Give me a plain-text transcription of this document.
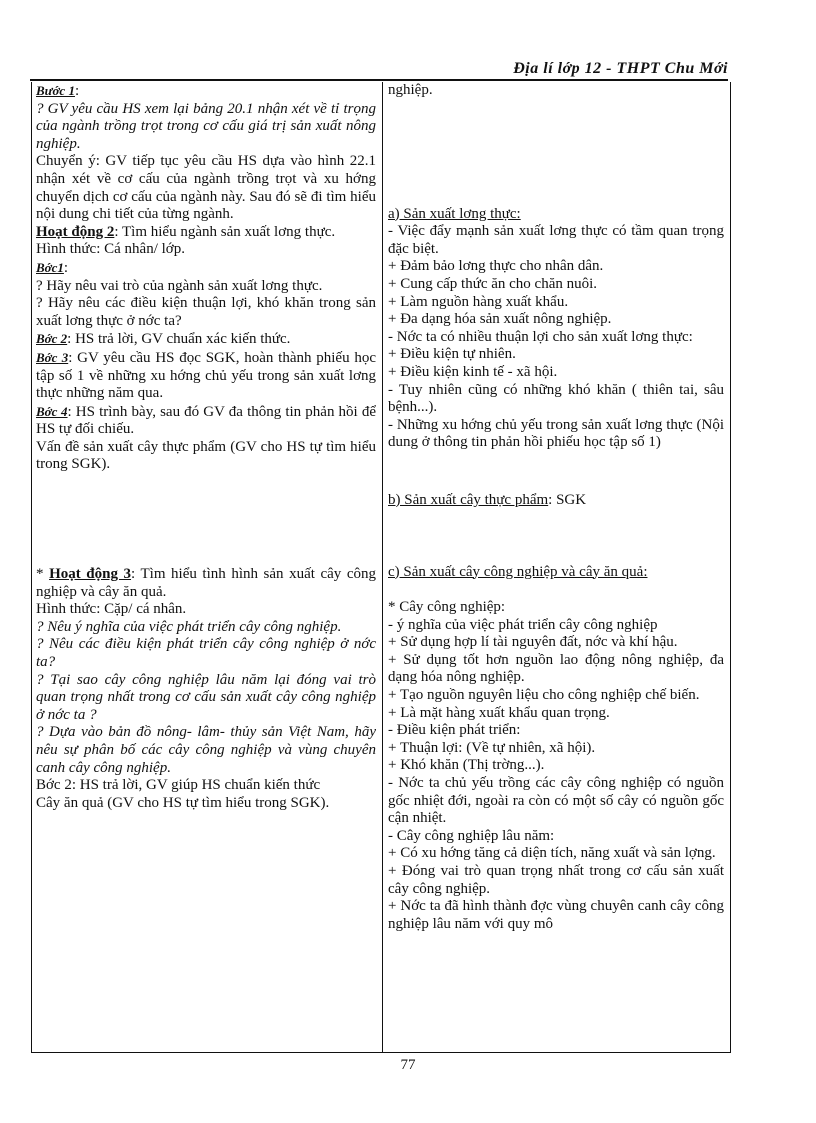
Địa lí lớp 12 - THPT Chu Mới

Bước 1:

? GV yêu cầu HS xem lại bảng 20.1 nhận xét về tỉ trọng của ngành trồng trọt trong cơ cấu giá trị sản xuất nông nghiệp.

Chuyển ý: GV tiếp tục yêu cầu HS dựa vào hình 22.1 nhận xét về cơ cấu của ngành trồng trọt và xu hớng chuyển dịch cơ cấu của ngành này. Sau đó sẽ đi tìm hiểu nội dung chi tiết của từng ngành.

Hoạt động 2: Tìm hiểu ngành sản xuất lơng thực.

Hình thức: Cá nhân/ lớp.

Bớc1:

? Hãy nêu vai trò của ngành sản xuất lơng thực.

? Hãy nêu các điều kiện thuận lợi, khó khăn trong sản xuất lơng thực ở nớc ta?

Bớc 2: HS trả lời, GV chuẩn xác kiến thức.

Bớc 3: GV yêu cầu HS đọc SGK, hoàn thành phiếu học tập số 1 về những xu hớng chủ yếu trong sản xuất lơng thực những năm qua.

Bớc 4: HS trình bày, sau đó GV đa thông tin phản hồi để HS tự đối chiếu.

Vấn đề sản xuất cây thực phẩm (GV cho HS tự tìm hiểu trong SGK).

* Hoạt động 3: Tìm hiểu tình hình sản xuất cây công nghiệp và cây ăn quả.

Hình thức: Cặp/ cá nhân.

? Nêu ý nghĩa của việc phát triển cây công nghiệp.

? Nêu các điều kiện phát triển cây công nghiệp ở nớc ta?

? Tại sao cây công nghiệp lâu năm lại đóng vai trò quan trọng nhất trong cơ cấu sản xuất cây công nghiệp ở nớc ta ?

? Dựa vào bản đồ nông- lâm- thủy sản Việt Nam, hãy nêu sự phân bố các cây công nghiệp và vùng chuyên canh cây công nghiệp.

Bớc 2: HS trả lời, GV giúp HS chuẩn kiến thức

Cây ăn quả (GV cho HS tự tìm hiểu trong SGK).

nghiệp.

a) Sản xuất lơng thực:

- Việc đẩy mạnh sản xuất lơng thực có tầm quan trọng đặc biệt.

+ Đảm bảo lơng thực cho nhân dân.

+ Cung cấp thức ăn cho chăn nuôi.

+ Làm nguồn hàng xuất khẩu.

+ Đa dạng hóa sản xuất nông nghiệp.

- Nớc ta có nhiều thuận lợi cho sản xuất lơng thực:

+ Điều kiện tự nhiên.

+ Điều kiện kinh tế - xã hội.

- Tuy nhiên cũng có những khó khăn ( thiên tai, sâu bệnh...).

- Những xu hớng chủ yếu trong sản xuất lơng thực (Nội dung ở thông tin phản hồi phiếu học tập số 1)

b) Sản xuất cây thực phẩm: SGK

c) Sản xuất cây công nghiệp và cây ăn quả:

* Cây công nghiệp:

- ý nghĩa của việc phát triển cây công nghiệp

+ Sử dụng hợp lí tài nguyên đất, nớc và khí hậu.

+ Sử dụng tốt hơn nguồn lao động nông nghiệp, đa dạng hóa nông nghiệp.

+ Tạo nguồn nguyên liệu cho công nghiệp chế biến.

+ Là mặt hàng xuất khẩu quan trọng.

- Điều kiện phát triển:

+ Thuận lợi: (Về tự nhiên, xã hội).

+ Khó khăn (Thị trờng...).

- Nớc ta chủ yếu trồng các cây công nghiệp có nguồn gốc nhiệt đới, ngoài ra còn có một số cây có nguồn gốc cận nhiệt.

- Cây công nghiệp lâu năm:

+ Có xu hớng tăng cả diện tích, năng xuất và sản lợng.

+ Đóng vai trò quan trọng nhất trong cơ cấu sản xuất cây công nghiệp.

+ Nớc ta đã hình thành đợc vùng chuyên canh cây công nghiệp lâu năm với quy mô

77
